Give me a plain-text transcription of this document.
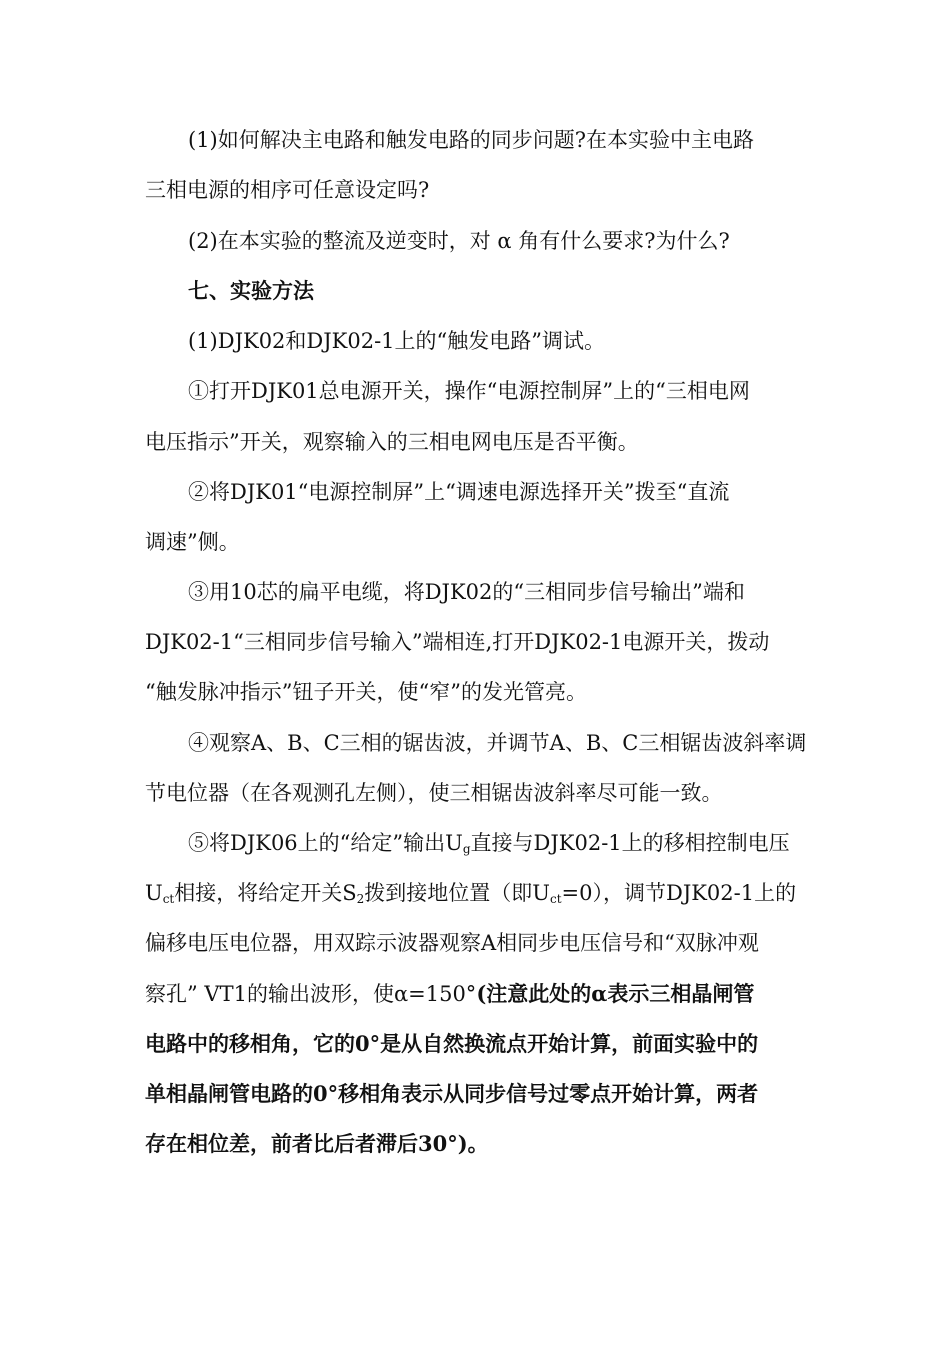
(1)如何解决主电路和触发电路的同步问题?在本实验中主电路
三相电源的相序可任意设定吗?
(2)在本实验的整流及逆变时，对 α 角有什么要求?为什么?
七、实验方法
(1)DJK02和DJK02-1上的“触发电路”调试。
①打开DJK01总电源开关，操作“电源控制屏”上的“三相电网
电压指示”开关，观察输入的三相电网电压是否平衡。
②将DJK01“电源控制屏”上“调速电源选择开关”拨至“直流
调速”侧。
③用10芯的扁平电缆，将DJK02的“三相同步信号输出”端和
DJK02-1“三相同步信号输入”端相连,打开DJK02-1电源开关，拨动
“触发脉冲指示”钮子开关，使“窄”的发光管亮。
④观察A、B、C三相的锯齿波，并调节A、B、C三相锯齿波斜率调
节电位器（在各观测孔左侧），使三相锯齿波斜率尽可能一致。
⑤将DJK06上的“给定”输出$U_g$直接与DJK02-1上的移相控制电压
$U_{ct}$相接，将给定开关$S_2$拨到接地位置（即$U_{ct}=0$），调节DJK02-1上的
偏移电压电位器，用双踪示波器观察A相同步电压信号和“双脉冲观
察孔” VT1的输出波形，使α=150°(注意此处的α表示三相晶闸管
电路中的移相角，它的0°是从自然换流点开始计算，前面实验中的
单相晶闸管电路的0°移相角表示从同步信号过零点开始计算，两者
存在相位差，前者比后者滞后30°)。
